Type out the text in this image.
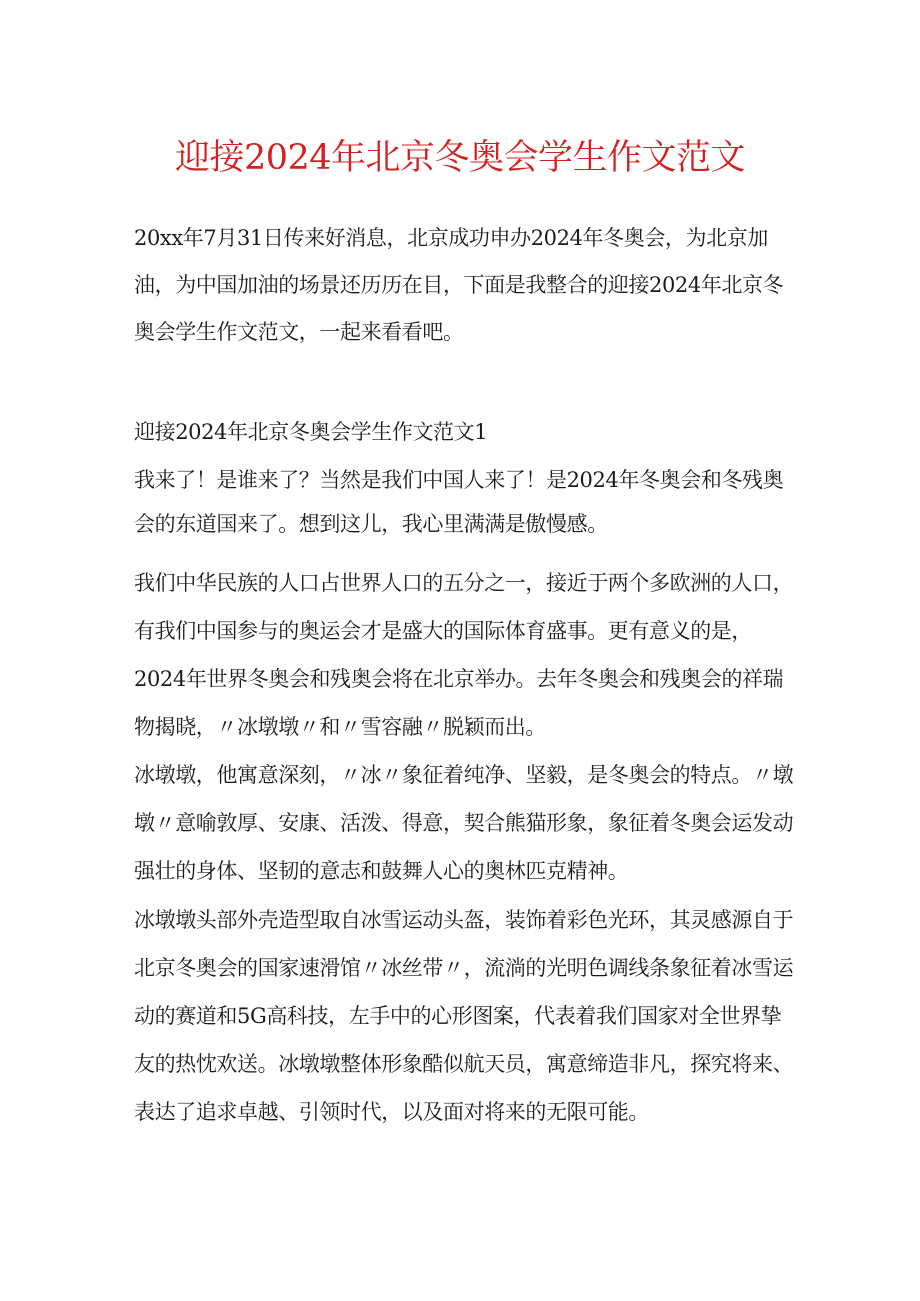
迎接2024年北京冬奥会学生作文范文

20xx年7月31日传来好消息，北京成功申办2024年冬奥会，为北京加油，为中国加油的场景还历历在目，下面是我整合的迎接2024年北京冬奥会学生作文范文，一起来看看吧。

迎接2024年北京冬奥会学生作文范文1

我来了！是谁来了？当然是我们中国人来了！是2024年冬奥会和冬残奥会的东道国来了。想到这儿，我心里满满是傲慢感。

我们中华民族的人口占世界人口的五分之一，接近于两个多欧洲的人口，有我们中国参与的奥运会才是盛大的国际体育盛事。更有意义的是，2024年世界冬奥会和残奥会将在北京举办。去年冬奥会和残奥会的祥瑞物揭晓，〃冰墩墩〃和〃雪容融〃脱颖而出。

冰墩墩，他寓意深刻，〃冰〃象征着纯净、坚毅，是冬奥会的特点。〃墩墩〃意喻敦厚、安康、活泼、得意，契合熊猫形象，象征着冬奥会运发动强壮的身体、坚韧的意志和鼓舞人心的奥林匹克精神。

冰墩墩头部外壳造型取自冰雪运动头盔，装饰着彩色光环，其灵感源自于北京冬奥会的国家速滑馆〃冰丝带〃，流淌的光明色调线条象征着冰雪运动的赛道和5G高科技，左手中的心形图案，代表着我们国家对全世界挚友的热忱欢送。冰墩墩整体形象酷似航天员，寓意缔造非凡，探究将来、表达了追求卓越、引领时代，以及面对将来的无限可能。
